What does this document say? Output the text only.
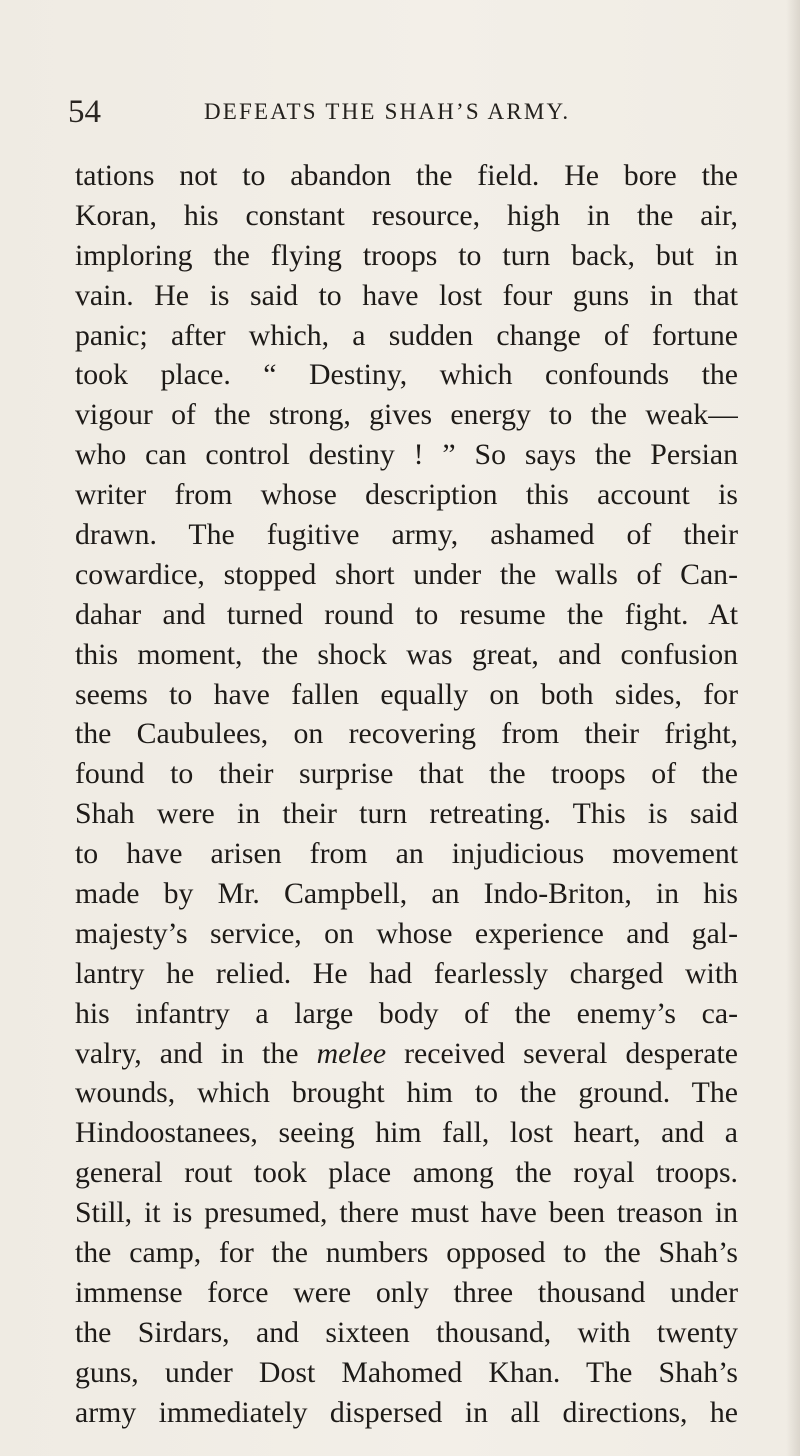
54	DEFEATS THE SHAH’S ARMY.
tations not to abandon the field. He bore the
Koran, his constant resource, high in the air,
imploring the flying troops to turn back, but in
vain. He is said to have lost four guns in that
panic; after which, a sudden change of fortune
took place. “ Destiny, which confounds the
vigour of the strong, gives energy to the weak—
who can control destiny ! ” So says the Persian
writer from whose description this account is
drawn. The fugitive army, ashamed of their
cowardice, stopped short under the walls of Can-
dahar and turned round to resume the fight. At
this moment, the shock was great, and confusion
seems to have fallen equally on both sides, for
the Caubulees, on recovering from their fright,
found to their surprise that the troops of the
Shah were in their turn retreating. This is said
to have arisen from an injudicious movement
made by Mr. Campbell, an Indo-Briton, in his
majesty’s service, on whose experience and gal-
lantry he relied. He had fearlessly charged with
his infantry a large body of the enemy’s ca-
valry, and in the melee received several desperate
wounds, which brought him to the ground. The
Hindoostanees, seeing him fall, lost heart, and a
general rout took place among the royal troops.
Still, it is presumed, there must have been treason in
the camp, for the numbers opposed to the Shah’s
immense force were only three thousand under
the Sirdars, and sixteen thousand, with twenty
guns, under Dost Mahomed Khan. The Shah’s
army immediately dispersed in all directions, he
